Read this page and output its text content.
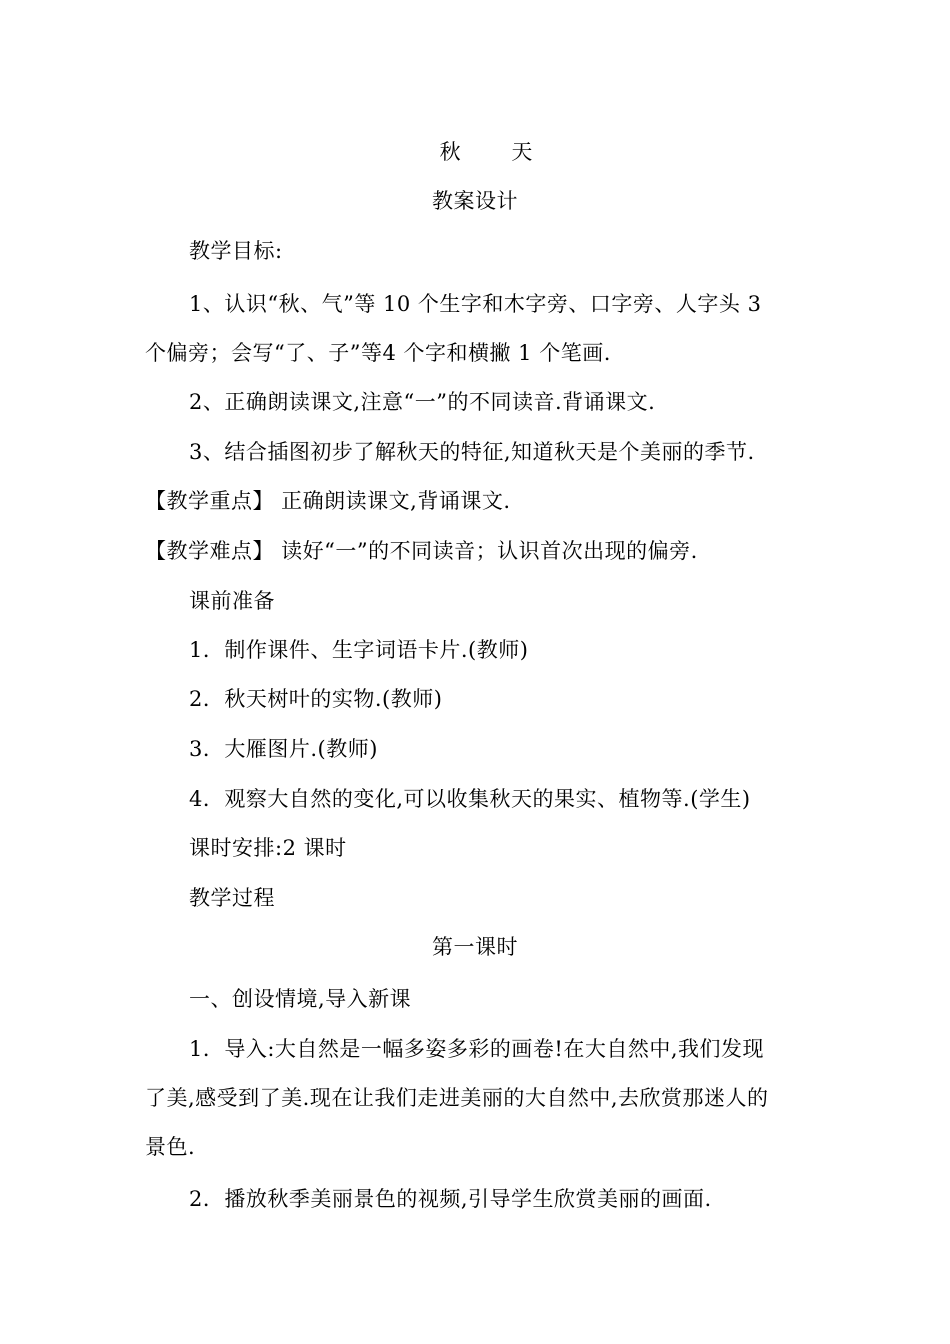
秋 天
教案设计
教学目标:
1、认识“秋、气”等 10 个生字和木字旁、口字旁、人字头 3
个偏旁；会写“了、子”等4 个字和横撇 1 个笔画.
2、正确朗读课文,注意“一”的不同读音.背诵课文.
3、结合插图初步了解秋天的特征,知道秋天是个美丽的季节.
【教学重点】 正确朗读课文,背诵课文.
【教学难点】 读好“一”的不同读音；认识首次出现的偏旁.
课前准备
1．制作课件、生字词语卡片.(教师)
2．秋天树叶的实物.(教师)
3．大雁图片.(教师)
4．观察大自然的变化,可以收集秋天的果实、植物等.(学生)
课时安排:2 课时
教学过程
第一课时
一、创设情境,导入新课
1．导入:大自然是一幅多姿多彩的画卷!在大自然中,我们发现
了美,感受到了美.现在让我们走进美丽的大自然中,去欣赏那迷人的
景色.
2．播放秋季美丽景色的视频,引导学生欣赏美丽的画面.
